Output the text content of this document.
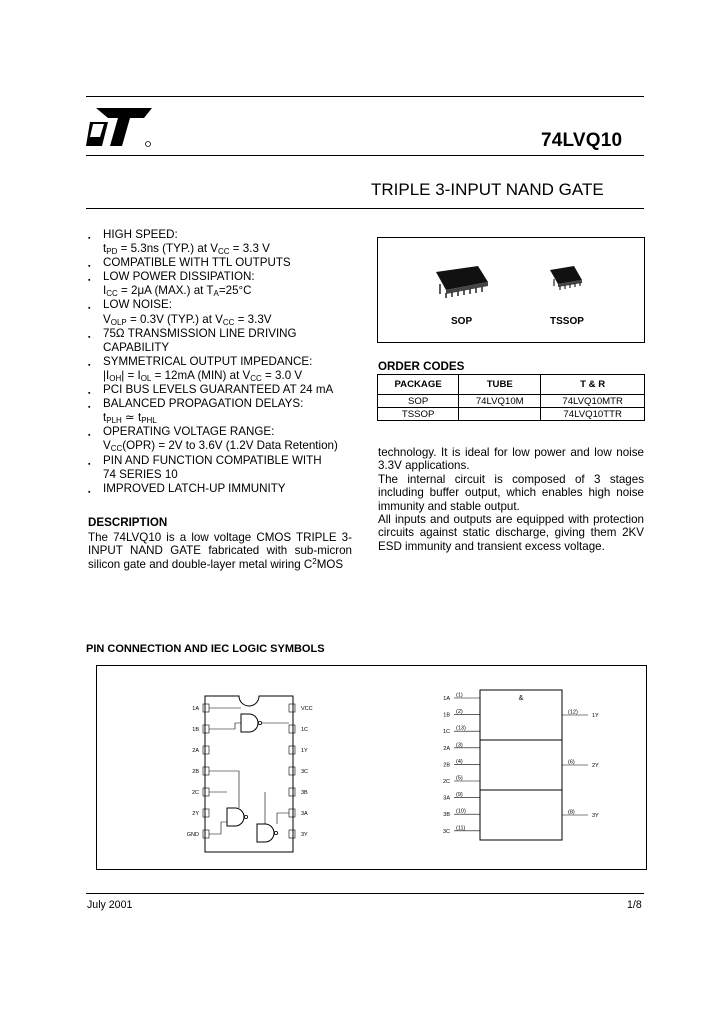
74LVQ10
TRIPLE 3-INPUT NAND GATE
▪ HIGH SPEED:
$t_{PD} = 5.3ns$ (TYP.) at $V_{CC} = 3.3$ V
▪ COMPATIBLE WITH TTL OUTPUTS
▪ LOW POWER DISSIPATION:
$I_{CC} = 2\mu A$ (MAX.) at $T_A=25^\circ C$
▪ LOW NOISE:
$V_{OLP} = 0.3V$ (TYP.) at $V_{CC} = 3.3V$
▪ 75Ω TRANSMISSION LINE DRIVING
CAPABILITY
▪ SYMMETRICAL OUTPUT IMPEDANCE:
$|I_{OH}| = I_{OL} = 12mA$ (MIN) at $V_{CC} = 3.0$ V
▪ PCI BUS LEVELS GUARANTEED AT 24 mA
▪ BALANCED PROPAGATION DELAYS:
$t_{PLH}$ ≃ $t_{PHL}$
▪ OPERATING VOLTAGE RANGE:
$V_{CC}(OPR) = 2V$ to 3.6V (1.2V Data Retention)
▪ PIN AND FUNCTION COMPATIBLE WITH
74 SERIES 10
▪ IMPROVED LATCH-UP IMMUNITY
SOP	TSSOP
ORDER CODES
PACKAGE	TUBE	T & R
SOP	74LVQ10M	74LVQ10MTR
TSSOP		74LVQ10TTR
DESCRIPTION
The 74LVQ10 is a low voltage CMOS TRIPLE 3-INPUT NAND GATE fabricated with sub-micron silicon gate and double-layer metal wiring $C^2MOS$
technology. It is ideal for low power and low noise 3.3V applications.
The internal circuit is composed of 3 stages including buffer output, which enables high noise immunity and stable output.
All inputs and outputs are equipped with protection circuits against static discharge, giving them 2KV ESD immunity and transient excess voltage.
PIN CONNECTION AND IEC LOGIC SYMBOLS
1A	VCC
1B	1C
2A	1Y
2B	3C
2C	3B
2Y	3A
GND	3Y
&
1A
(1)
1B
(2)
1C
(13)
2A
(3)
2B
(4)
2C
(5)
3A
(9)
3B
(10)
3C
(11)
(12)
1Y
(6)
2Y
(8)
3Y
July 2001	1/8
